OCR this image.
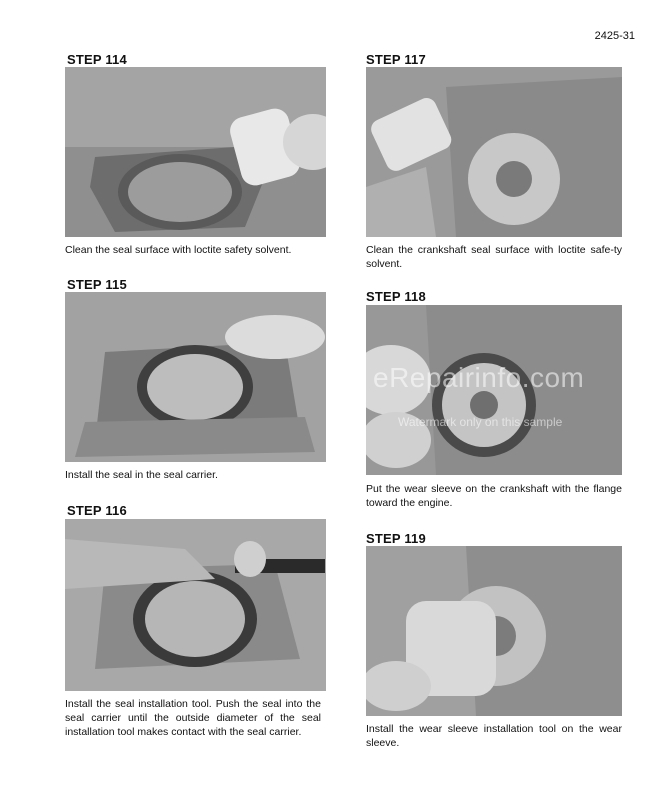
2425-31
STEP 114
Clean the seal surface with loctite safety solvent.
STEP 115
Install the seal in the seal carrier.
STEP 116
Install the seal installation tool. Push the seal into the seal carrier until the outside diameter of the seal installation tool makes contact with the seal carrier.
STEP 117
Clean the crankshaft seal surface with loctite safe-ty solvent.
STEP 118
Put the wear sleeve on the crankshaft with the flange toward the engine.
STEP 119
Install the wear sleeve installation tool on the wear sleeve.
eRepairinfo.com
Watermark only on this sample
